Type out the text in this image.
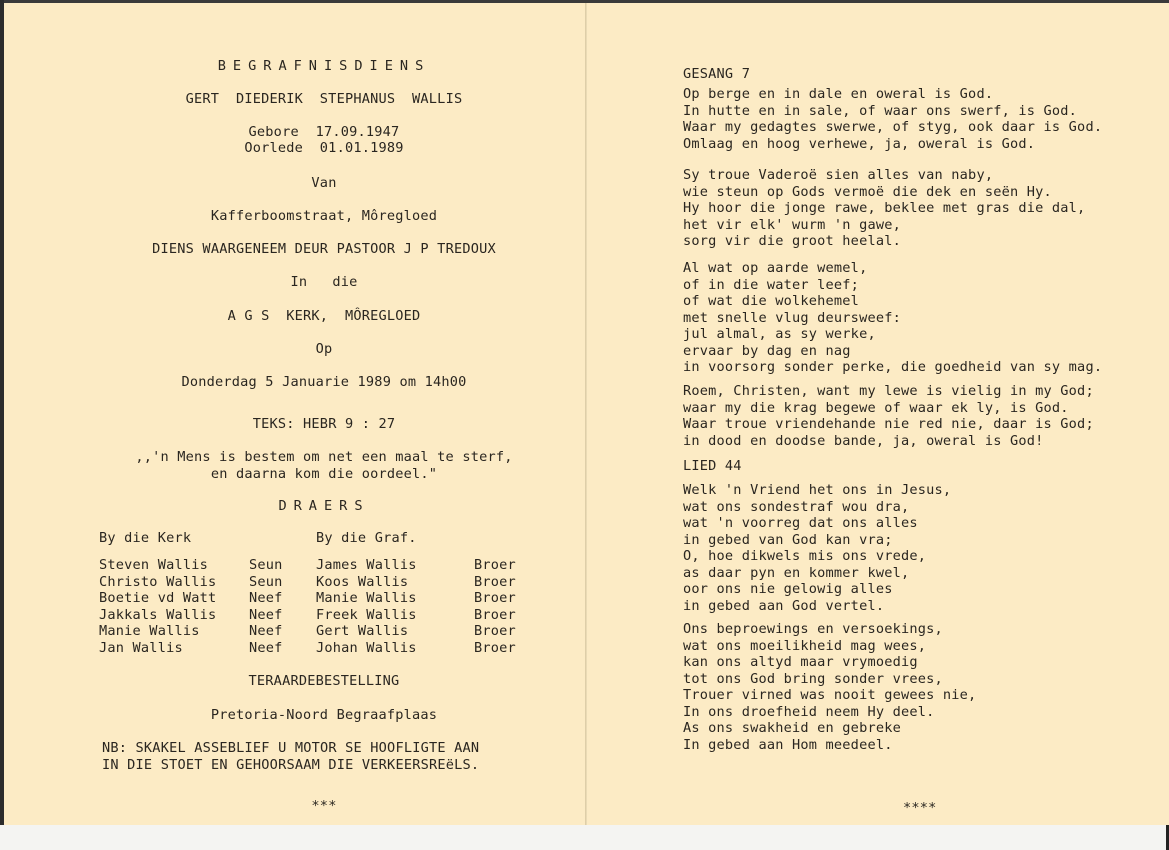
BEGRAFNISDIENS
GERT  DIEDERIK  STEPHANUS  WALLIS
Gebore  17.09.1947
Oorlede  01.01.1989
Van
Kafferboomstraat, Môregloed
DIENS WAARGENEEM DEUR PASTOOR J P TREDOUX
In   die
A G S  KERK,  MÔREGLOED
Op
Donderdag 5 Januarie 1989 om 14h00
TEKS: HEBR 9 : 27
,,'n Mens is bestem om net een maal te sterf,
en daarna kom die oordeel."
DRAERS
By die Kerk	By die Graf.
Steven Wallis	Seun James Wallis	Broer
Christo Wallis Seun Koos Wallis	Broer
Boetie vd Watt Neef Manie Wallis	Broer
Jakkals Wallis Neef Freek Wallis	Broer
Manie Wallis	Neef Gert Wallis	Broer
Jan Wallis	Neef Johan Wallis	Broer
TERAARDEBESTELLING
Pretoria-Noord Begraafplaas
NB: SKAKEL ASSEBLIEF U MOTOR SE HOOFLIGTE AAN
IN DIE STOET EN GEHOORSAAM DIE VERKEERSREëLS.
***
GESANG 7
Op berge en in dale en oweral is God.
In hutte en in sale, of waar ons swerf, is God.
Waar my gedagtes swerwe, of styg, ook daar is God.
Omlaag en hoog verhewe, ja, oweral is God.
Sy troue Vaderoë sien alles van naby,
wie steun op Gods vermoë die dek en seën Hy.
Hy hoor die jonge rawe, beklee met gras die dal,
het vir elk' wurm 'n gawe,
sorg vir die groot heelal.
Al wat op aarde wemel,
of in die water leef;
of wat die wolkehemel
met snelle vlug deursweef:
jul almal, as sy werke,
ervaar by dag en nag
in voorsorg sonder perke, die goedheid van sy mag.
Roem, Christen, want my lewe is vielig in my God;
waar my die krag begewe of waar ek ly, is God.
Waar troue vriendehande nie red nie, daar is God;
in dood en doodse bande, ja, oweral is God!
LIED 44
Welk 'n Vriend het ons in Jesus,
wat ons sondestraf wou dra,
wat 'n voorreg dat ons alles
in gebed van God kan vra;
O, hoe dikwels mis ons vrede,
as daar pyn en kommer kwel,
oor ons nie gelowig alles
in gebed aan God vertel.
Ons beproewings en versoekings,
wat ons moeilikheid mag wees,
kan ons altyd maar vrymoedig
tot ons God bring sonder vrees,
Trouer virned was nooit gewees nie,
In ons droefheid neem Hy deel.
As ons swakheid en gebreke
In gebed aan Hom meedeel.
****
